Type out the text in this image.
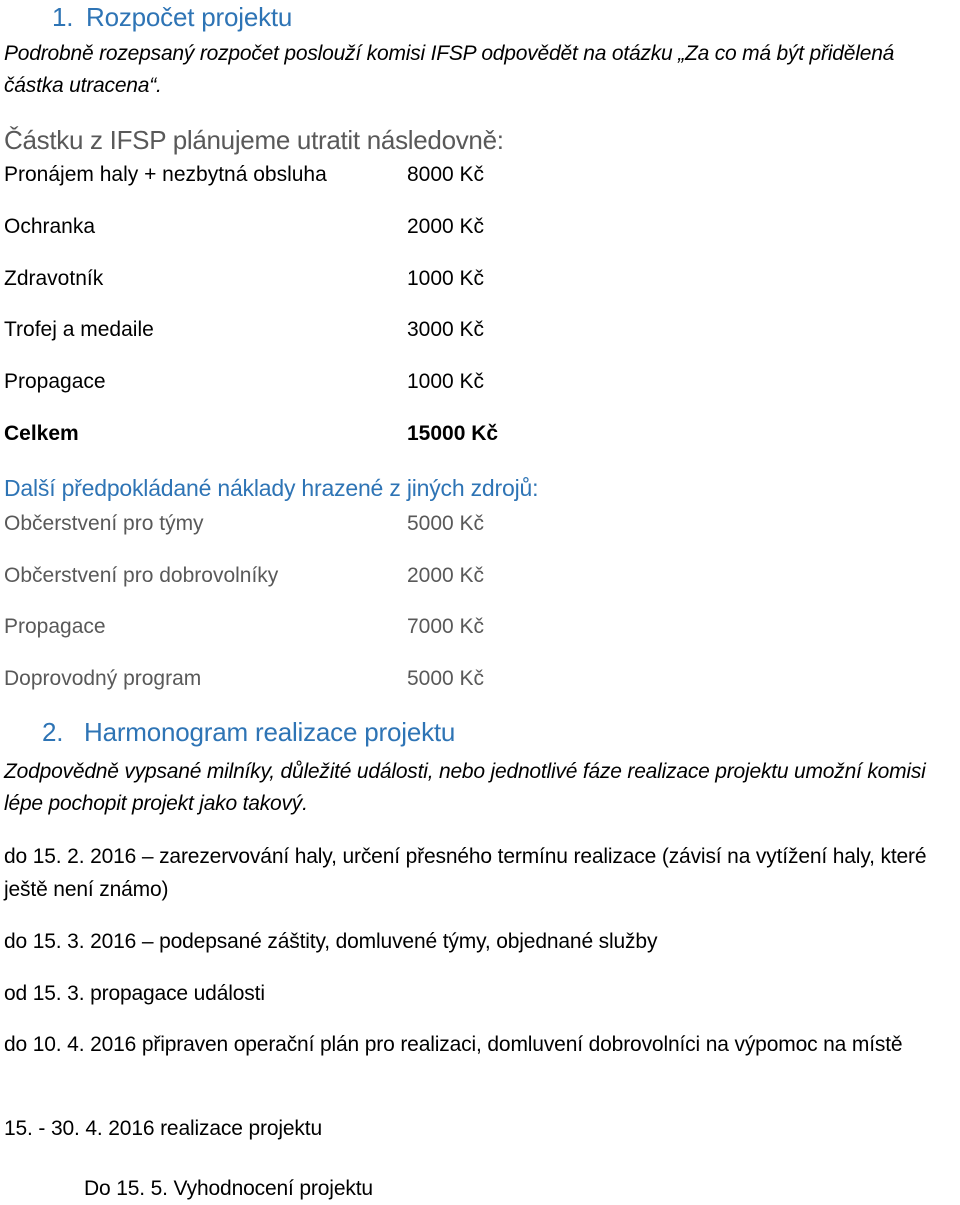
1. Rozpočet projektu
Podrobně rozepsaný rozpočet poslouží komisi IFSP odpovědět na otázku „Za co má být přidělená částka utracena“.
Částku z IFSP plánujeme utratit následovně:
Pronájem haly + nezbytná obsluha	8000 Kč
Ochranka	2000 Kč
Zdravotník	1000 Kč
Trofej a medaile	3000 Kč
Propagace	1000 Kč
Celkem	15000 Kč
Další předpokládané náklady hrazené z jiných zdrojů:
Občerstvení pro týmy	5000 Kč
Občerstvení pro dobrovolníky	2000 Kč
Propagace	7000 Kč
Doprovodný program	5000 Kč
2. Harmonogram realizace projektu
Zodpovědně vypsané milníky, důležité události, nebo jednotlivé fáze realizace projektu umožní komisi lépe pochopit projekt jako takový.
do 15. 2. 2016 – zarezervování haly, určení přesného termínu realizace (závisí na vytížení haly, které ještě není známo)
do 15. 3. 2016 – podepsané záštity, domluvené týmy, objednané služby
od 15. 3. propagace události
do 10. 4. 2016 připraven operační plán pro realizaci, domluvení dobrovolníci na výpomoc na místě
15. - 30. 4. 2016 realizace projektu
Do 15. 5. Vyhodnocení projektu
